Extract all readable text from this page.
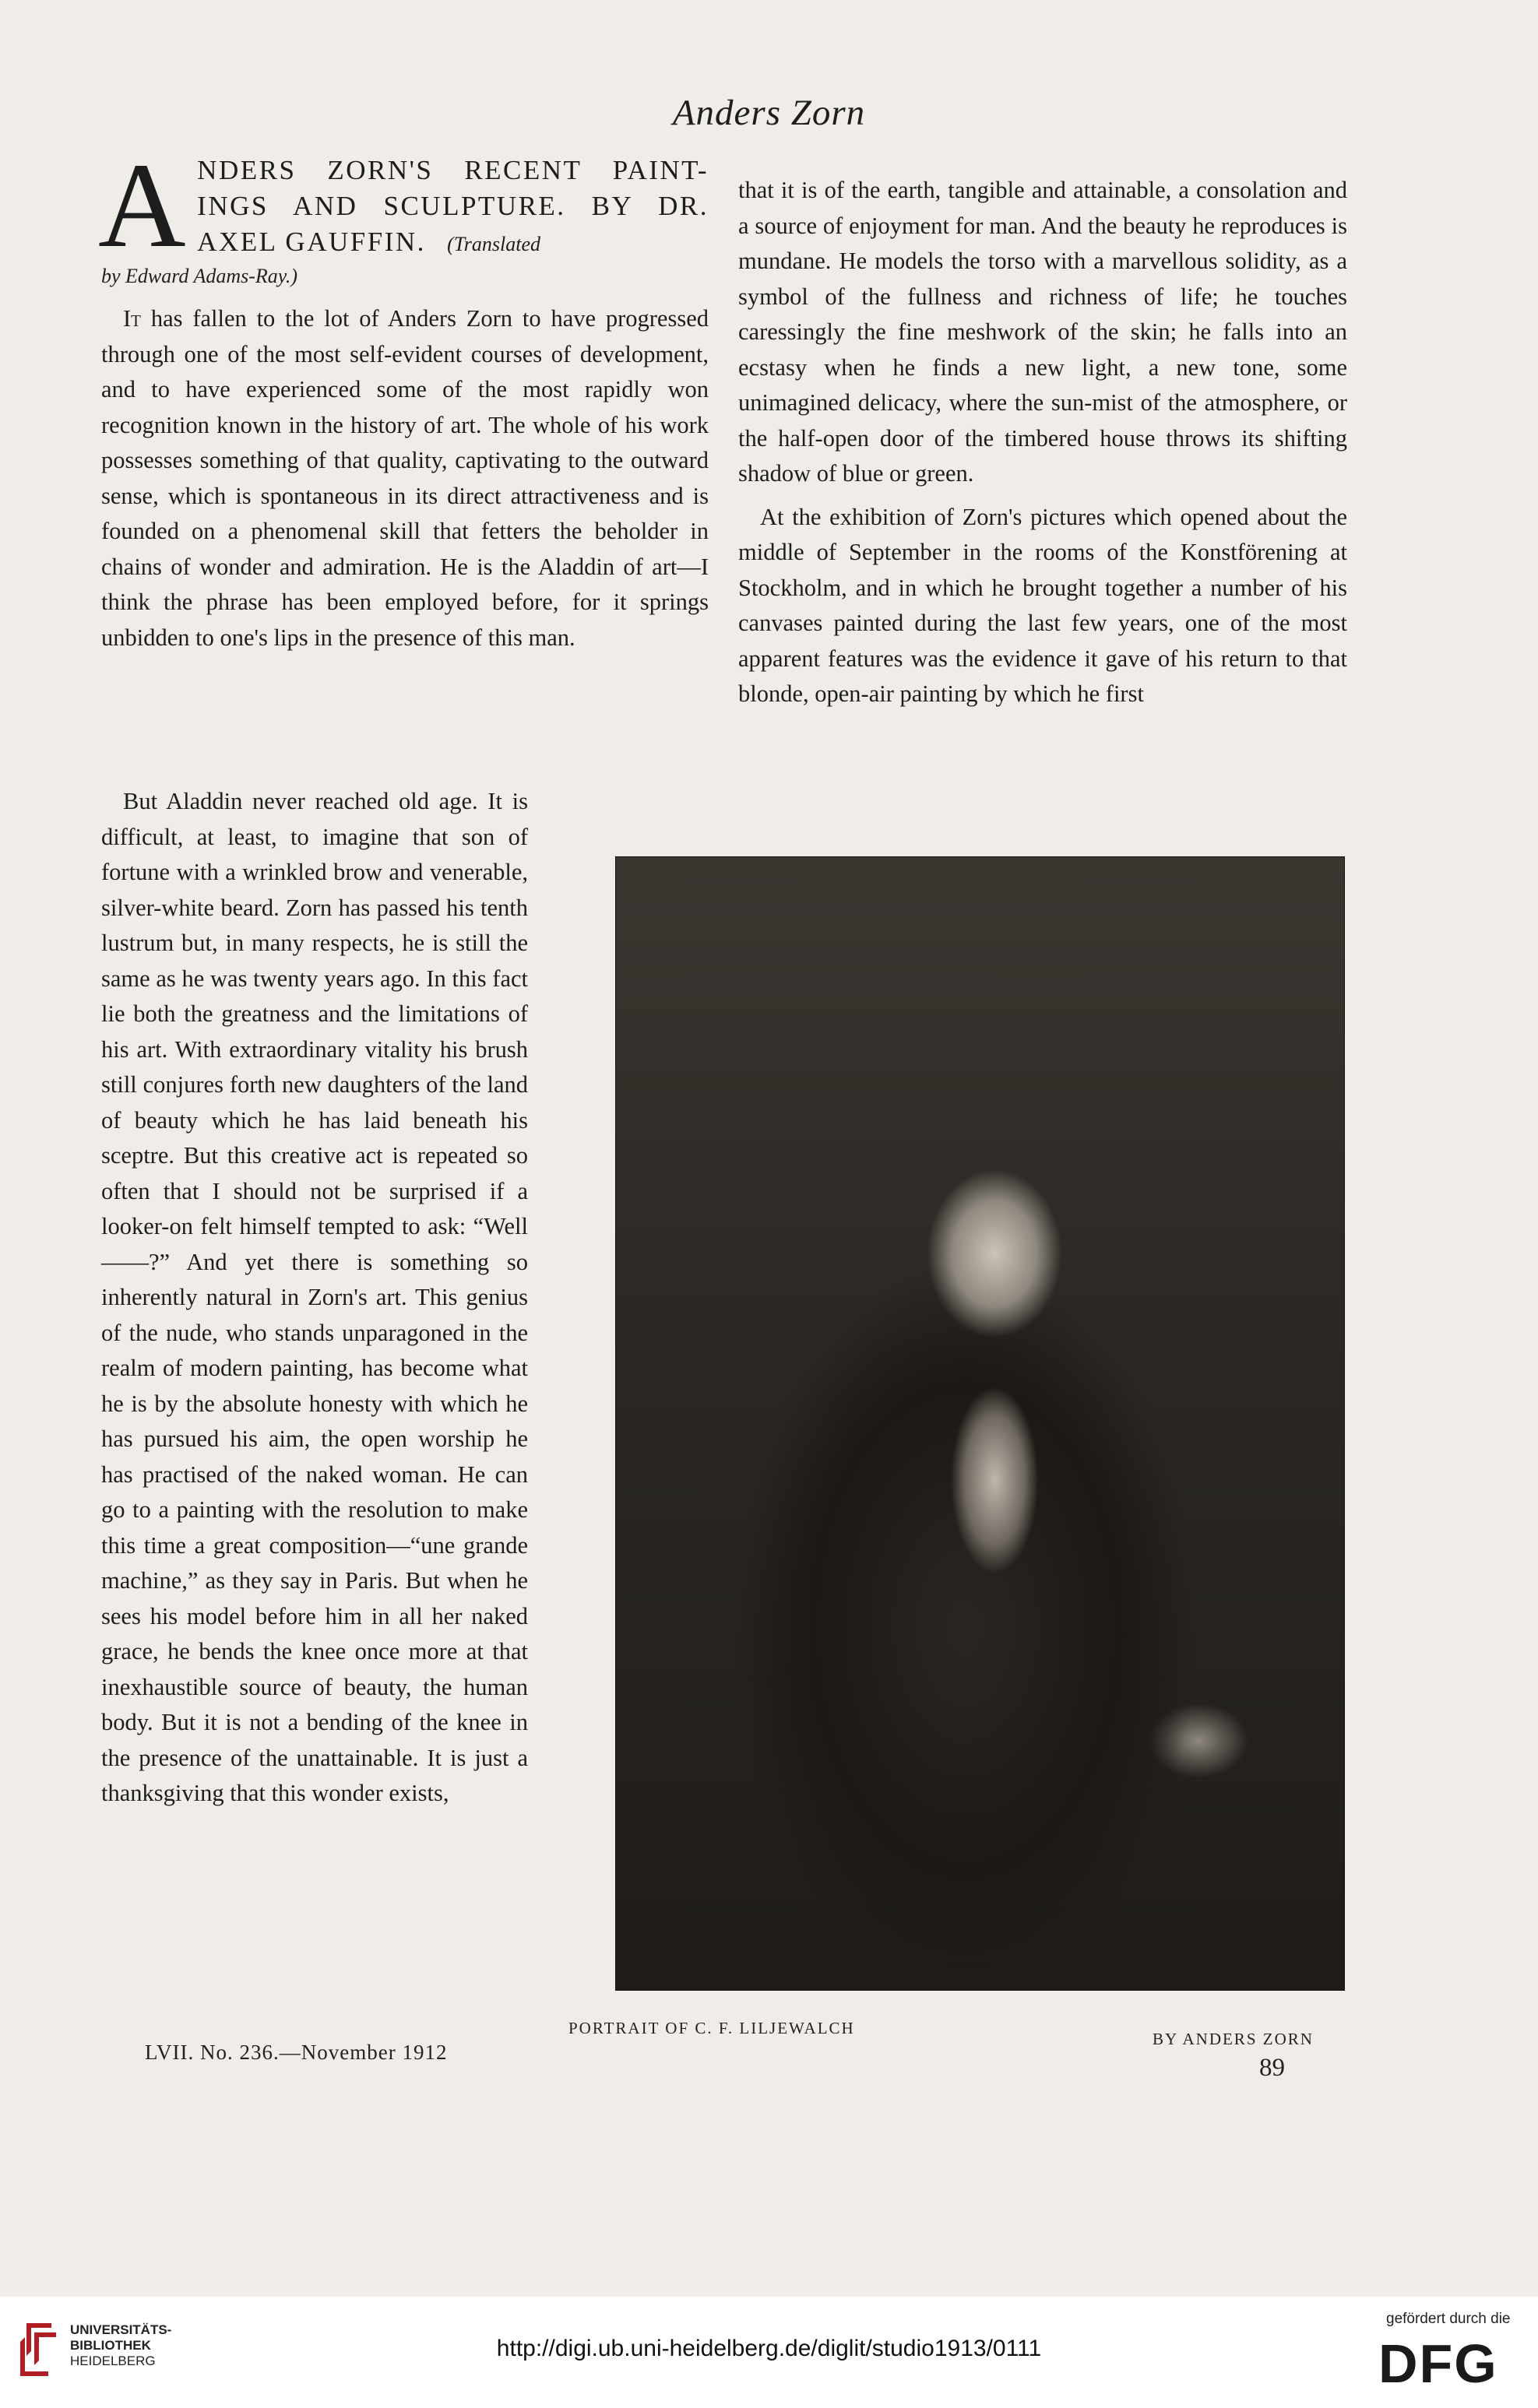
Anders Zorn
A NDERS ZORN'S RECENT PAINT- INGS AND SCULPTURE. BY DR. AXEL GAUFFIN. (Translated
by Edward Adams-Ray.)

It has fallen to the lot of Anders Zorn to have progressed through one of the most self-evident courses of development, and to have experienced some of the most rapidly won recognition known in the history of art. The whole of his work possesses something of that quality, captivating to the outward sense, which is spontaneous in its direct attractiveness and is founded on a phenomenal skill that fetters the beholder in chains of wonder and admiration. He is the Aladdin of art—I think the phrase has been employed before, for it springs unbidden to one's lips in the presence of this man.

But Aladdin never reached old age. It is difficult, at least, to imagine that son of fortune with a wrinkled brow and venerable, silver-white beard. Zorn has passed his tenth lustrum but, in many respects, he is still the same as he was twenty years ago. In this fact lie both the greatness and the limitations of his art. With extraordinary vitality his brush still conjures forth new daughters of the land of beauty which he has laid beneath his sceptre. But this creative act is repeated so often that I should not be surprised if a looker-on felt himself tempted to ask: “Well——?” And yet there is something so inherently natural in Zorn's art. This genius of the nude, who stands unparagoned in the realm of modern painting, has become what he is by the absolute honesty with which he has pursued his aim, the open worship he has practised of the naked woman. He can go to a painting with the resolution to make this time a great composition—“une grande machine,” as they say in Paris. But when he sees his model before him in all her naked grace, he bends the knee once more at that inexhaustible source of beauty, the human body. But it is not a bending of the knee in the presence of the unattainable. It is just a thanksgiving that this wonder exists,

that it is of the earth, tangible and attainable, a consolation and a source of enjoyment for man. And the beauty he reproduces is mundane. He models the torso with a marvellous solidity, as a symbol of the fullness and richness of life; he touches caressingly the fine meshwork of the skin; he falls into an ecstasy when he finds a new light, a new tone, some unimagined delicacy, where the sun-mist of the atmosphere, or the half-open door of the timbered house throws its shifting shadow of blue or green.

At the exhibition of Zorn's pictures which opened about the middle of September in the rooms of the Konstförening at Stockholm, and in which he brought together a number of his canvases painted during the last few years, one of the most apparent features was the evidence it gave of his return to that blonde, open-air painting by which he first

PORTRAIT OF C. F. LILJEWALCH
BY ANDERS ZORN
LVII. No. 236.—November 1912
89
UNIVERSITÄTS-
BIBLIOTHEK
HEIDELBERG	http://digi.ub.uni-heidelberg.de/diglit/studio1913/0111
gefördert durch die
DFG
